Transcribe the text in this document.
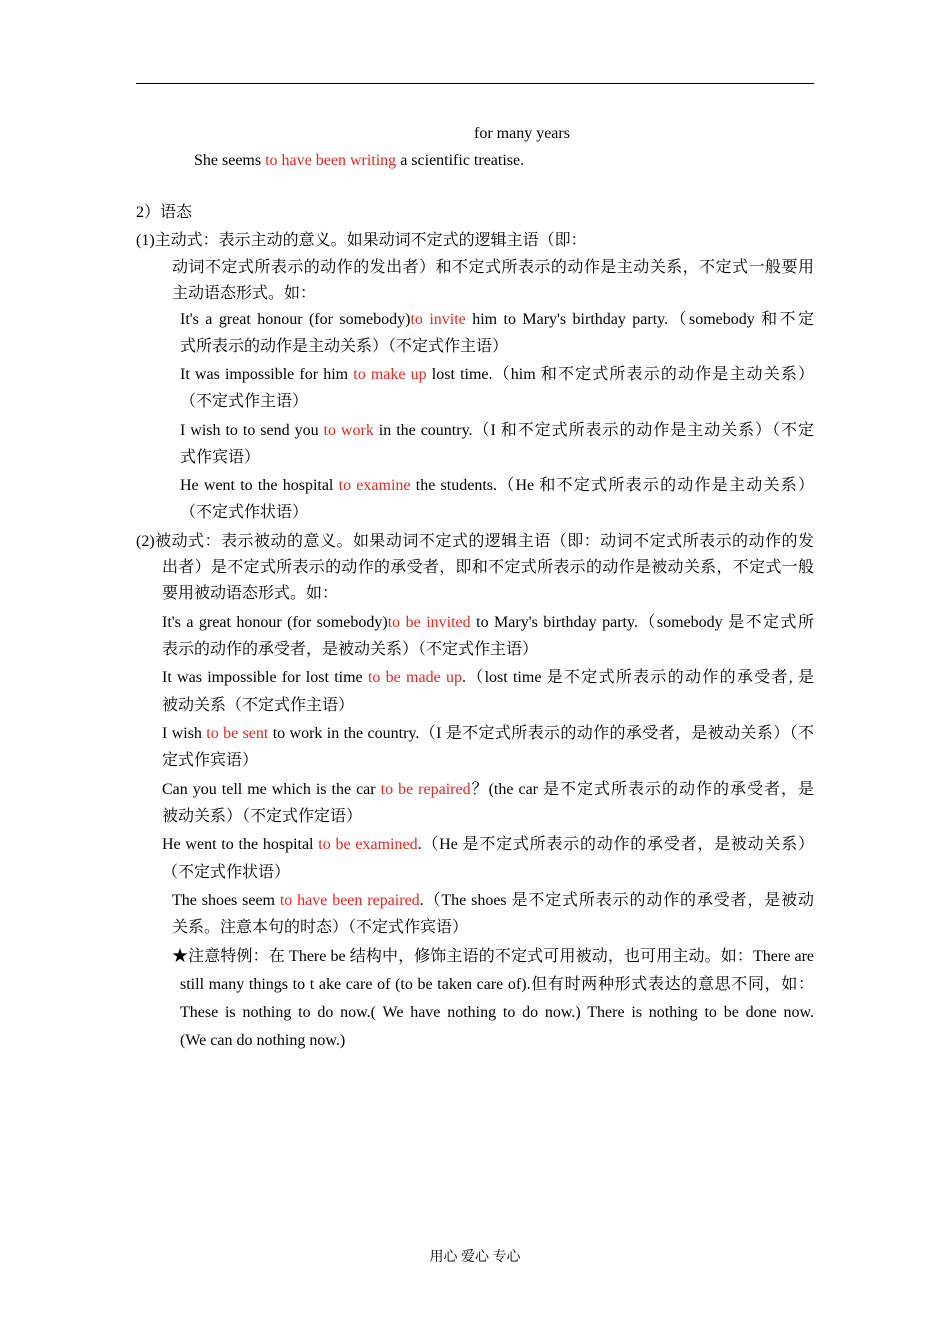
for many years
She seems to have been writing a scientific treatise.
2）语态
(1)主动式：表示主动的意义。如果动词不定式的逻辑主语（即：
动词不定式所表示的动作的发出者）和不定式所表示的动作是主动关系，不定式一般要用
主动语态形式。如：
It's a great honour (for somebody)to invite him to Mary's birthday party.（somebody 和不定
式所表示的动作是主动关系）（不定式作主语）
It was impossible for him to make up lost time.（him 和不定式所表示的动作是主动关系）
（不定式作主语）
I wish to to send you to work in the country.（I 和不定式所表示的动作是主动关系）（不定
式作宾语）
He went to the hospital to examine the students.（He 和不定式所表示的动作是主动关系）
（不定式作状语）
(2)被动式：表示被动的意义。如果动词不定式的逻辑主语（即：动词不定式所表示的动作的发
出者）是不定式所表示的动作的承受者，即和不定式所表示的动作是被动关系，不定式一般
要用被动语态形式。如：
It's a great honour (for somebody)to be invited to Mary's birthday party.（somebody 是不定式所
表示的动作的承受者，是被动关系）（不定式作主语）
It was impossible for lost time to be made up.（lost time 是不定式所表示的动作的承受者, 是
被动关系（不定式作主语）
I wish to be sent to work in the country.（I 是不定式所表示的动作的承受者，是被动关系）（不
定式作宾语）
Can you tell me which is the car to be repaired？(the car 是不定式所表示的动作的承受者，是
被动关系）（不定式作定语）
He went to the hospital to be examined.（He 是不定式所表示的动作的承受者，是被动关系）
（不定式作状语）
The shoes seem to have been repaired.（The shoes 是不定式所表示的动作的承受者，是被动
关系。注意本句的时态）（不定式作宾语）
★注意特例：在 There be 结构中，修饰主语的不定式可用被动，也可用主动。如：There are
still many things to t ake care of (to be taken care of).但有时两种形式表达的意思不同，如：
These is nothing to do now.( We have nothing to do now.) There is nothing to be done now.
(We can do nothing now.)
用心 爱心 专心
